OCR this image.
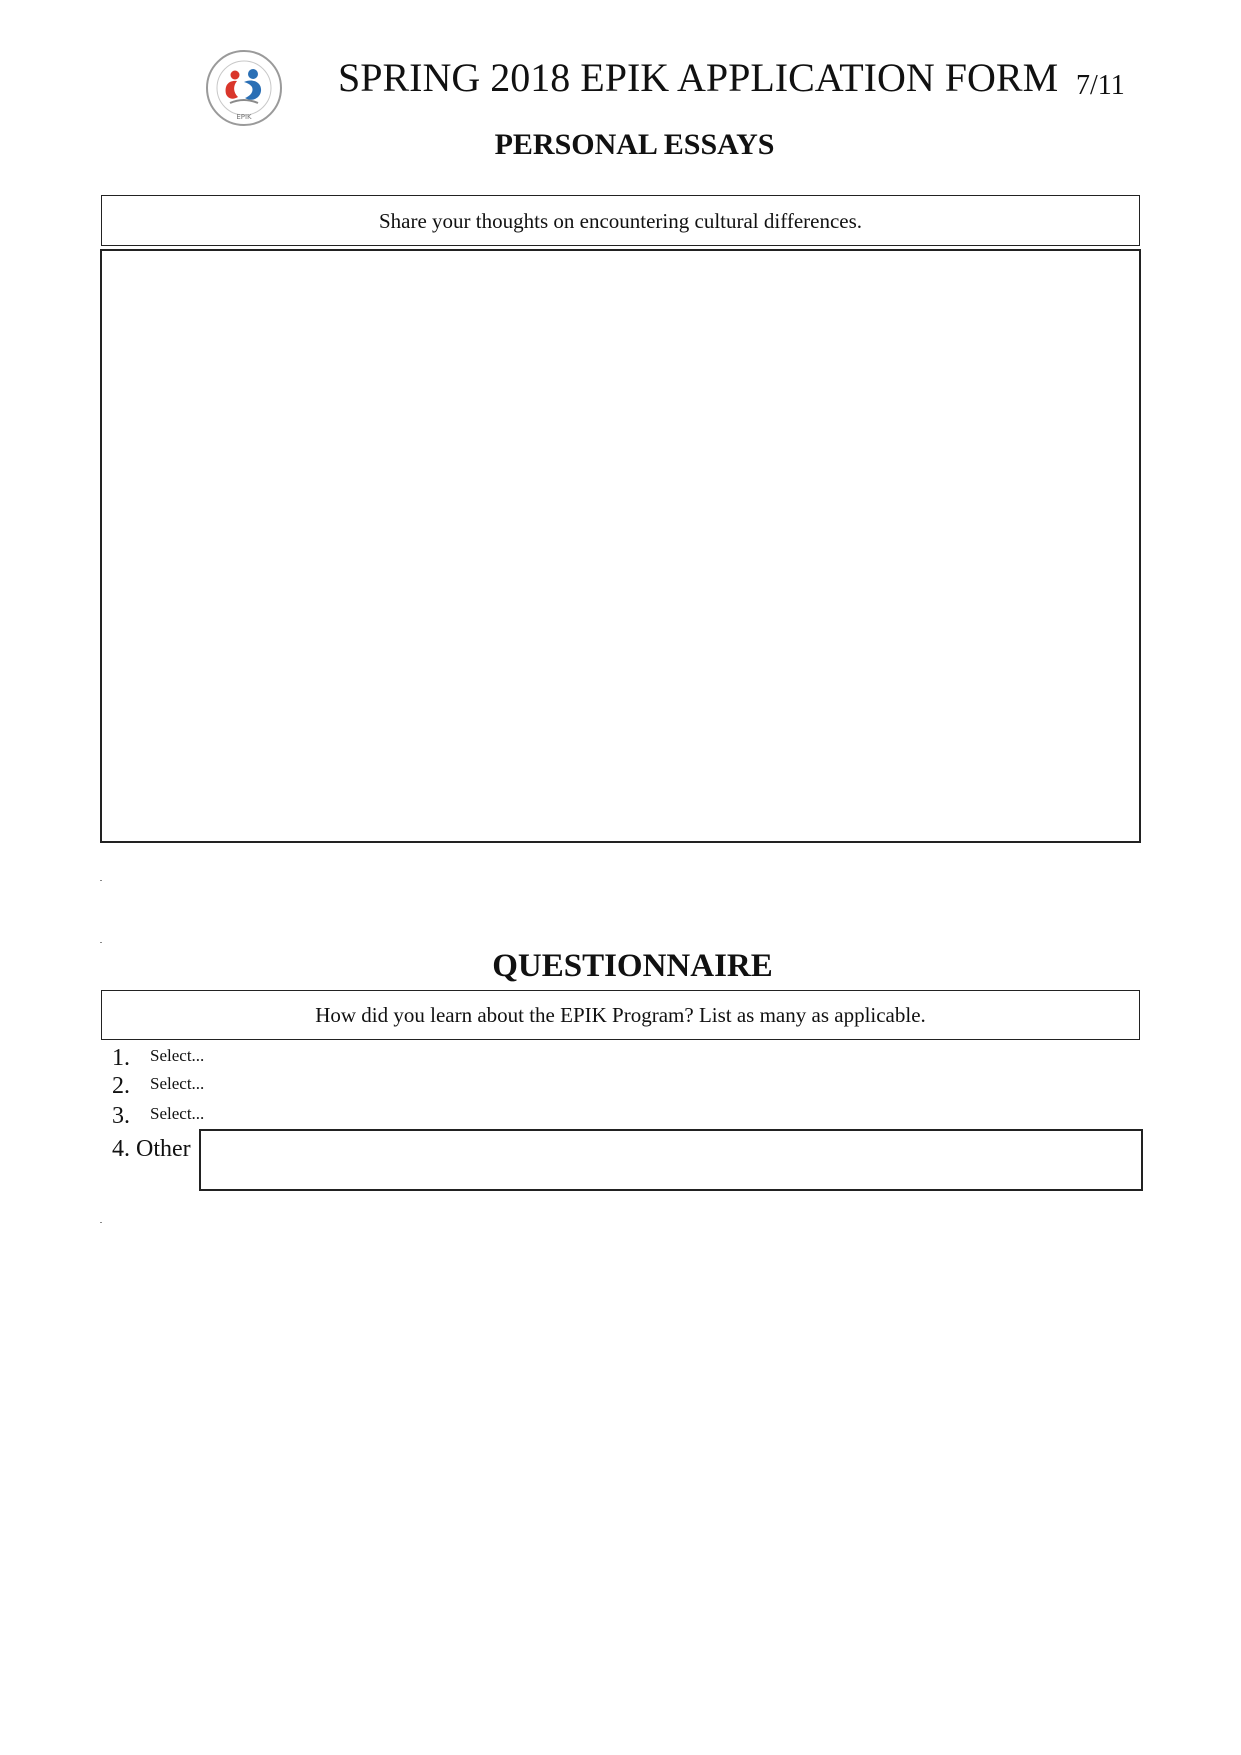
EPIK
SPRING 2018 EPIK APPLICATION FORM 7/11
PERSONAL ESSAYS
Share your thoughts on encountering cultural differences.
QUESTIONNAIRE
How did you learn about the EPIK Program? List as many as applicable.
1. Select...
2. Select...
3. Select...
4. Other
